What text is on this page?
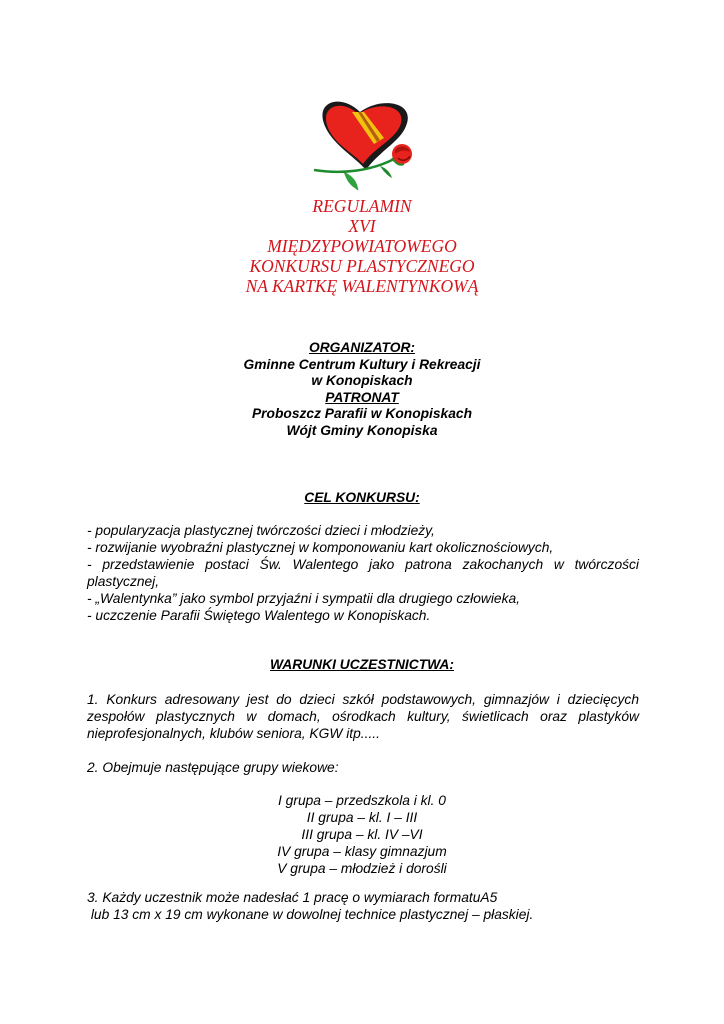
REGULAMIN
XVI
MIĘDZYPOWIATOWEGO
KONKURSU PLASTYCZNEGO
NA KARTKĘ WALENTYNKOWĄ
ORGANIZATOR:
Gminne Centrum Kultury i Rekreacji
w Konopiskach
PATRONAT
Proboszcz Parafii w Konopiskach
Wójt Gminy Konopiska
CEL KONKURSU:
- popularyzacja plastycznej twórczości dzieci i młodzieży,
- rozwijanie wyobraźni plastycznej w komponowaniu kart okolicznościowych,
- przedstawienie postaci Św. Walentego jako patrona zakochanych w twórczości plastycznej,
- „Walentynka” jako symbol przyjaźni i sympatii dla drugiego człowieka,
- uczczenie Parafii Świętego Walentego w Konopiskach.
WARUNKI UCZESTNICTWA:
1. Konkurs adresowany jest do dzieci szkół podstawowych, gimnazjów i dziecięcych zespołów plastycznych w domach, ośrodkach kultury, świetlicach oraz plastyków nieprofesjonalnych, klubów seniora, KGW itp.....
2. Obejmuje następujące grupy wiekowe:
I grupa – przedszkola i kl. 0
II grupa – kl. I – III
III grupa – kl. IV –VI
IV grupa – klasy gimnazjum
V grupa – młodzież i dorośli
3. Każdy uczestnik może nadesłać 1 pracę o wymiarach formatuA5
lub 13 cm x 19 cm wykonane w dowolnej technice plastycznej – płaskiej.
